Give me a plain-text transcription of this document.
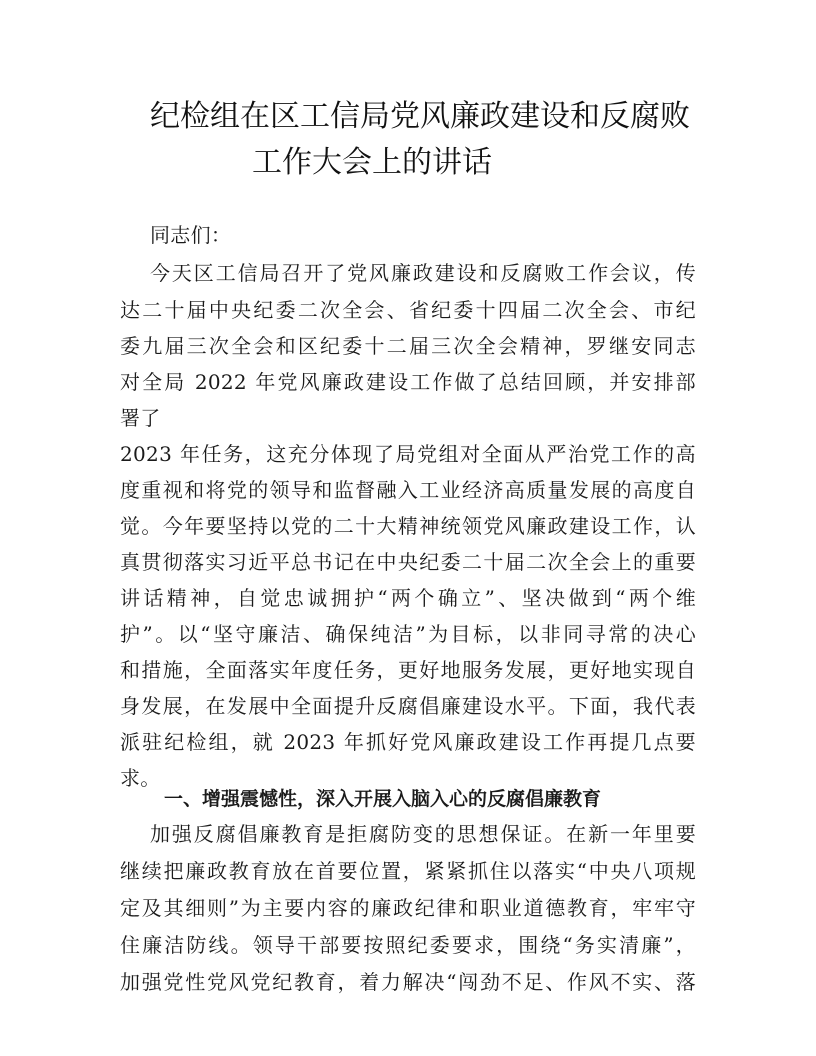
纪检组在区工信局党风廉政建设和反腐败
工作大会上的讲话
同志们：
今天区工信局召开了党风廉政建设和反腐败工作会议，传
达二十届中央纪委二次全会、省纪委十四届二次全会、市纪
委九届三次全会和区纪委十二届三次全会精神，罗继安同志
对全局 2022 年党风廉政建设工作做了总结回顾，并安排部
署了
2023 年任务，这充分体现了局党组对全面从严治党工作的高
度重视和将党的领导和监督融入工业经济高质量发展的高度自
觉。今年要坚持以党的二十大精神统领党风廉政建设工作，认
真贯彻落实习近平总书记在中央纪委二十届二次全会上的重要
讲话精神，自觉忠诚拥护“两个确立”、坚决做到“两个维
护”。以“坚守廉洁、确保纯洁”为目标，以非同寻常的决心
和措施，全面落实年度任务，更好地服务发展，更好地实现自
身发展，在发展中全面提升反腐倡廉建设水平。下面，我代表
派驻纪检组，就 2023 年抓好党风廉政建设工作再提几点要
求。
一、增强震憾性，深入开展入脑入心的反腐倡廉教育
加强反腐倡廉教育是拒腐防变的思想保证。在新一年里要
继续把廉政教育放在首要位置，紧紧抓住以落实“中央八项规
定及其细则”为主要内容的廉政纪律和职业道德教育，牢牢守
住廉洁防线。领导干部要按照纪委要求，围绕“务实清廉”，
加强党性党风党纪教育，着力解决“闯劲不足、作风不实、落
